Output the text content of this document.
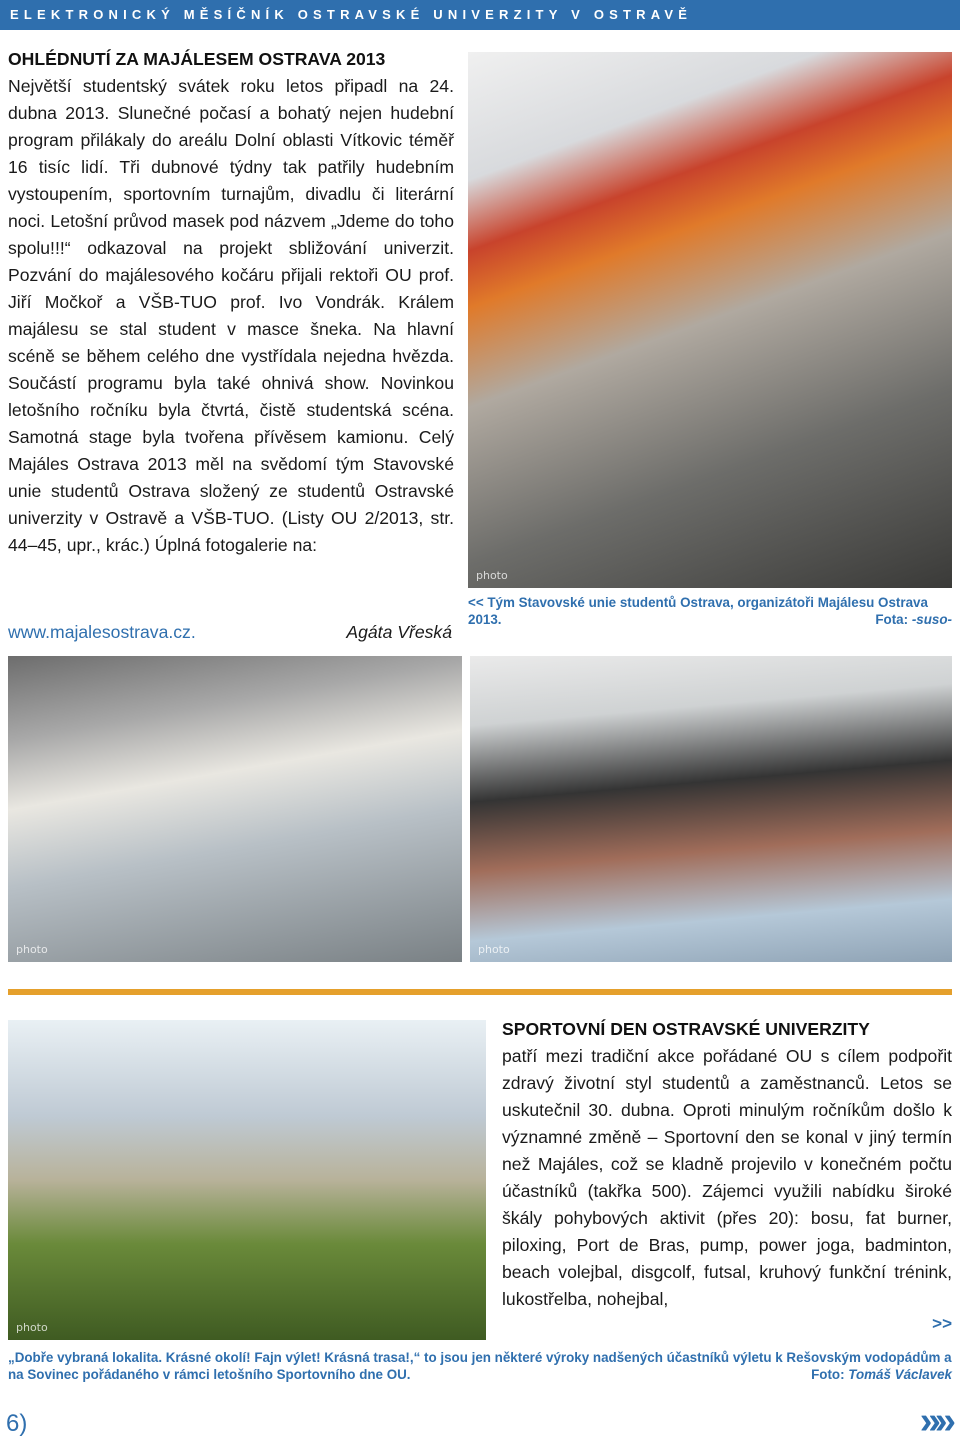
ELEKTRONICKÝ MĚSÍČNÍK OSTRAVSKÉ UNIVERZITY V OSTRAVĚ
OHLÉDNUTÍ ZA MAJÁLESEM OSTRAVA 2013
Největší studentský svátek roku letos připadl na 24. dubna 2013. Slunečné počasí a bohatý nejen hudební program přilákaly do areálu Dolní oblasti Vítkovic téměř 16 tisíc lidí. Tři dubnové týdny tak patřily hudebním vystoupením, sportovním turnajům, divadlu či literární noci. Letošní průvod masek pod názvem „Jdeme do toho spolu!!!“ odkazoval na projekt sbližování univerzit. Pozvání do majálesového kočáru přijali rektoři OU prof. Jiří Močkoř a VŠB-TUO prof. Ivo Vondrák. Králem majálesu se stal student v masce šneka. Na hlavní scéně se během celého dne vystřídala nejedna hvězda. Součástí programu byla také ohnivá show. Novinkou letošního ročníku byla čtvrtá, čistě studentská scéna. Samotná stage byla tvořena přívěsem kamionu. Celý Majáles Ostrava 2013 měl na svědomí tým Stavovské unie studentů Ostrava složený ze studentů Ostravské univerzity v Ostravě a VŠB-TUO. (Listy OU 2/2013, str. 44–45, upr., krác.) Úplná fotogalerie na:
www.majalesostrava.cz.	Agáta Vřeská
photo
<< Tým Stavovské unie studentů Ostrava, organizátoři Majálesu Ostrava 2013.	Fota: -suso-
photo	photo
photo
SPORTOVNÍ DEN OSTRAVSKÉ UNIVERZITY
patří mezi tradiční akce pořádané OU s cílem podpořit zdravý životní styl studentů a zaměstnanců. Letos se uskutečnil 30. dubna. Oproti minulým ročníkům došlo k významné změně – Sportovní den se konal v jiný termín než Majáles, což se kladně projevilo v konečném počtu účastníků (takřka 500). Zájemci využili nabídku široké škály pohybových aktivit (přes 20): bosu, fat burner, piloxing, Port de Bras, pump, power joga, badminton, beach volejbal, disgcolf, futsal, kruhový funkční trénink, lukostřelba, nohejbal,
>>
„Dobře vybraná lokalita. Krásné okolí! Fajn výlet! Krásná trasa!,“ to jsou jen některé výroky nadšených účastníků výletu k Rešovským vodopádům a na Sovinec pořádaného v rámci letošního Sportovního dne OU.	Foto: Tomáš Václavek
6)	»»
